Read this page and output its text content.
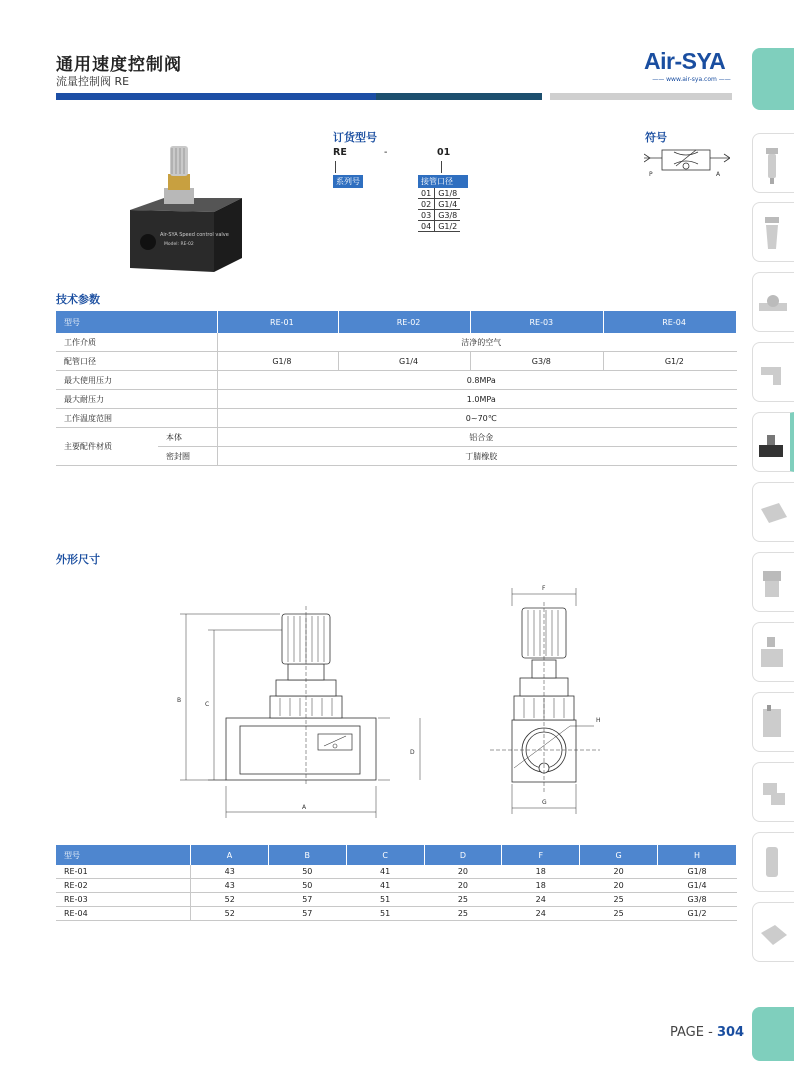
通用速度控制阀
流量控制阀 RE
Air-SYA
—— www.air-sya.com ——
Air-SYA Speed control valve
Model: RE-02
订货型号
RE	-	01
系列号	接管口径
01	G1/8
02	G1/4
03	G3/8
04	G1/2
符号
P	A
技术参数
型号		RE-01	RE-02	RE-03	RE-04
工作介质		洁净的空气			
配管口径		G1/8	G1/4	G3/8	G1/2
最大使用压力		0.8MPa			
最大耐压力		1.0MPa			
工作温度范围		0~70℃			
主要配件材质	本体	铝合金			
	密封圈	丁腈橡胶			
外形尺寸
B
C
A
D
F
G
H
型号	A	B	C	D	F	G	H
RE-01	43	50	41	20	18	20	G1/8
RE-02	43	50	41	20	18	20	G1/4
RE-03	52	57	51	25	24	25	G3/8
RE-04	52	57	51	25	24	25	G1/2
PAGE - 304
